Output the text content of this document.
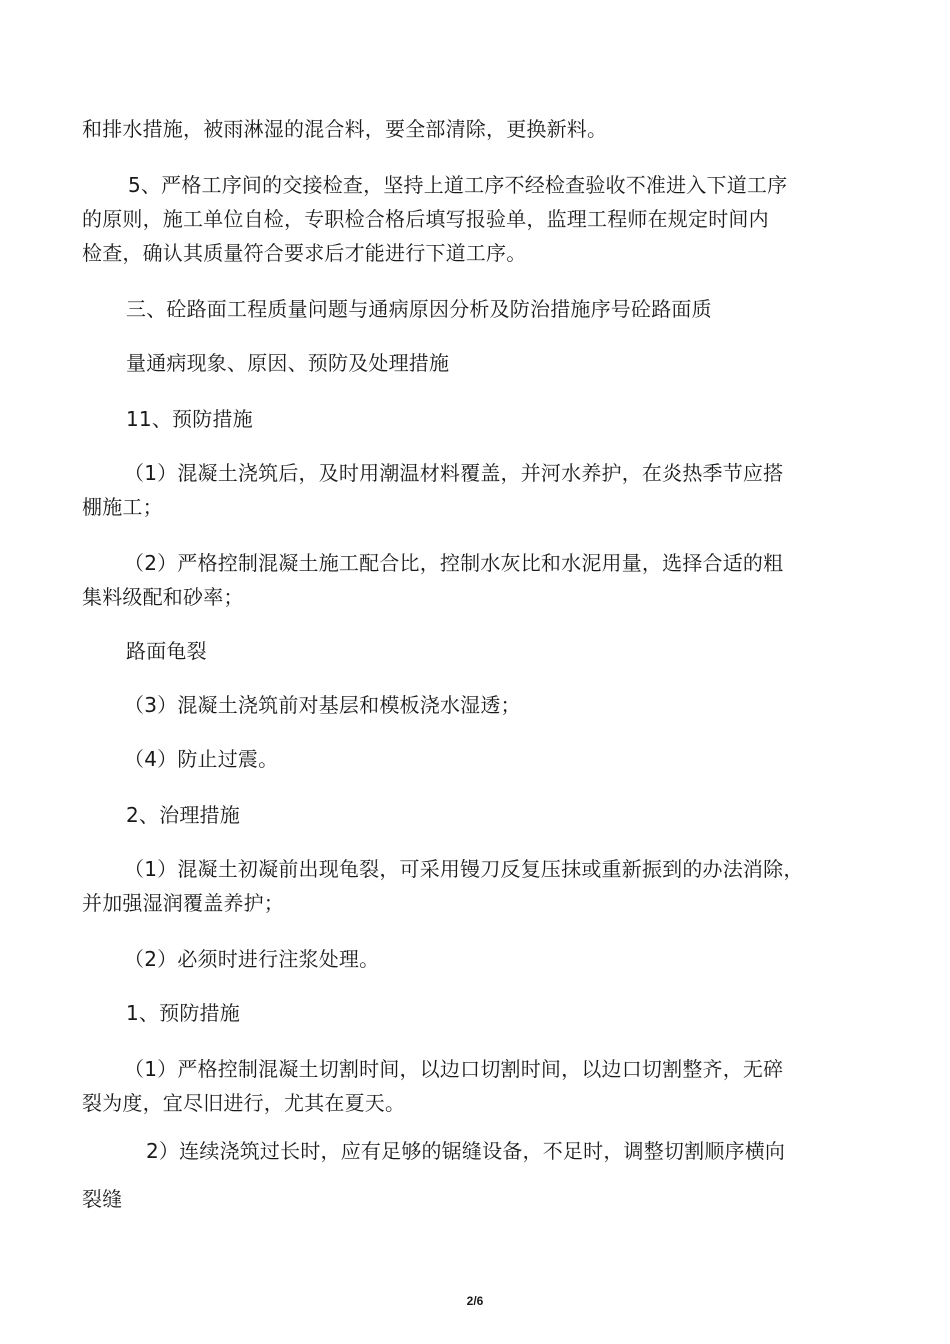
和排水措施，被雨淋湿的混合料，要全部清除，更换新料。
5、严格工序间的交接检查，坚持上道工序不经检查验收不准进入下道工序
的原则，施工单位自检，专职检合格后填写报验单，监理工程师在规定时间内
检查，确认其质量符合要求后才能进行下道工序。
三、砼路面工程质量问题与通病原因分析及防治措施序号砼路面质
量通病现象、原因、预防及处理措施
11、预防措施
（1）混凝土浇筑后，及时用潮温材料覆盖，并河水养护，在炎热季节应搭
棚施工；
（2）严格控制混凝土施工配合比，控制水灰比和水泥用量，选择合适的粗
集料级配和砂率；
路面龟裂
（3）混凝土浇筑前对基层和模板浇水湿透；
（4）防止过震。
2、治理措施
（1）混凝土初凝前出现龟裂，可采用镘刀反复压抹或重新振到的办法消除，
并加强湿润覆盖养护；
（2）必须时进行注浆处理。
1、预防措施
（1）严格控制混凝土切割时间，以边口切割时间，以边口切割整齐，无碎
裂为度，宜尽旧进行，尤其在夏天。
2）连续浇筑过长时，应有足够的锯缝设备，不足时，调整切割顺序横向
裂缝
2/6
